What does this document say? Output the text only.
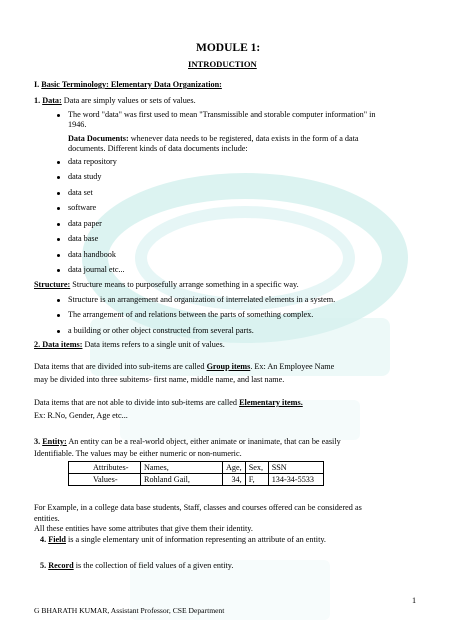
MODULE 1:
INTRODUCTION
I. Basic Terminology: Elementary Data Organization:
1. Data: Data are simply values or sets of values.
The word "data" was first used to mean "Transmissible and storable computer information" in
1946.
Data Documents: whenever data needs to be registered, data exists in the form of a data
documents. Different kinds of data documents include:
data repository
data study
data set
software
data paper
data base
data handbook
data journal etc...
Structure: Structure means to purposefully arrange something in a specific way.
Structure is an arrangement and organization of interrelated elements in a system.
The arrangement of and relations between the parts of something complex.
a building or other object constructed from several parts.
2. Data items: Data items refers to a single unit of values.
Data items that are divided into sub-items are called Group items. Ex: An Employee Name
may be divided into three subitems- first name, middle name, and last name.
Data items that are not able to divide into sub-items are called Elementary items.
Ex: R.No, Gender, Age etc...
3. Entity: An entity can be a real-world object, either animate or inanimate, that can be easily
Identifiable. The values may be either numeric or non-numeric.
Attributes-	Names,	Age,	Sex,	SSN
Values-	Rohland Gail,	34,	F,	134-34-5533
For Example, in a college data base students, Staff, classes and courses offered can be considered as
entities.
All these entities have some attributes that give them their identity.
4. Field is a single elementary unit of information representing an attribute of an entity.
5. Record is the collection of field values of a given entity.
1
G BHARATH KUMAR, Assistant Professor, CSE Department
